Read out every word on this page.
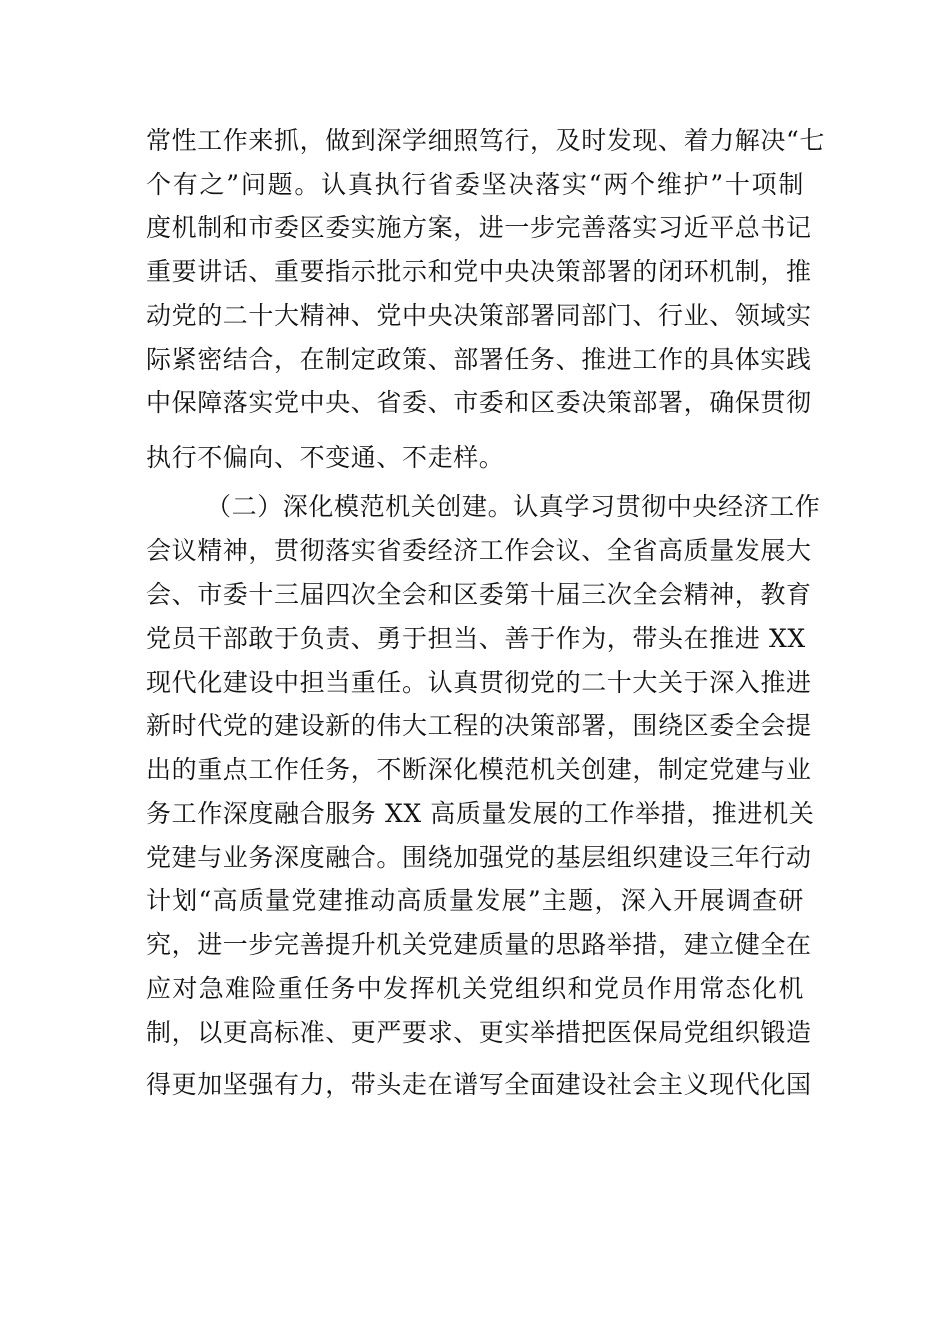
常性工作来抓，做到深学细照笃行，及时发现、着力解决“七
个有之”问题。认真执行省委坚决落实“两个维护”十项制
度机制和市委区委实施方案，进一步完善落实习近平总书记
重要讲话、重要指示批示和党中央决策部署的闭环机制，推
动党的二十大精神、党中央决策部署同部门、行业、领域实
际紧密结合，在制定政策、部署任务、推进工作的具体实践
中保障落实党中央、省委、市委和区委决策部署，确保贯彻
执行不偏向、不变通、不走样。
（二）深化模范机关创建。认真学习贯彻中央经济工作
会议精神，贯彻落实省委经济工作会议、全省高质量发展大
会、市委十三届四次全会和区委第十届三次全会精神，教育
党员干部敢于负责、勇于担当、善于作为，带头在推进 XX
现代化建设中担当重任。认真贯彻党的二十大关于深入推进
新时代党的建设新的伟大工程的决策部署，围绕区委全会提
出的重点工作任务，不断深化模范机关创建，制定党建与业
务工作深度融合服务 XX 高质量发展的工作举措，推进机关
党建与业务深度融合。围绕加强党的基层组织建设三年行动
计划“高质量党建推动高质量发展”主题，深入开展调查研
究，进一步完善提升机关党建质量的思路举措，建立健全在
应对急难险重任务中发挥机关党组织和党员作用常态化机
制，以更高标准、更严要求、更实举措把医保局党组织锻造
得更加坚强有力，带头走在谱写全面建设社会主义现代化国
